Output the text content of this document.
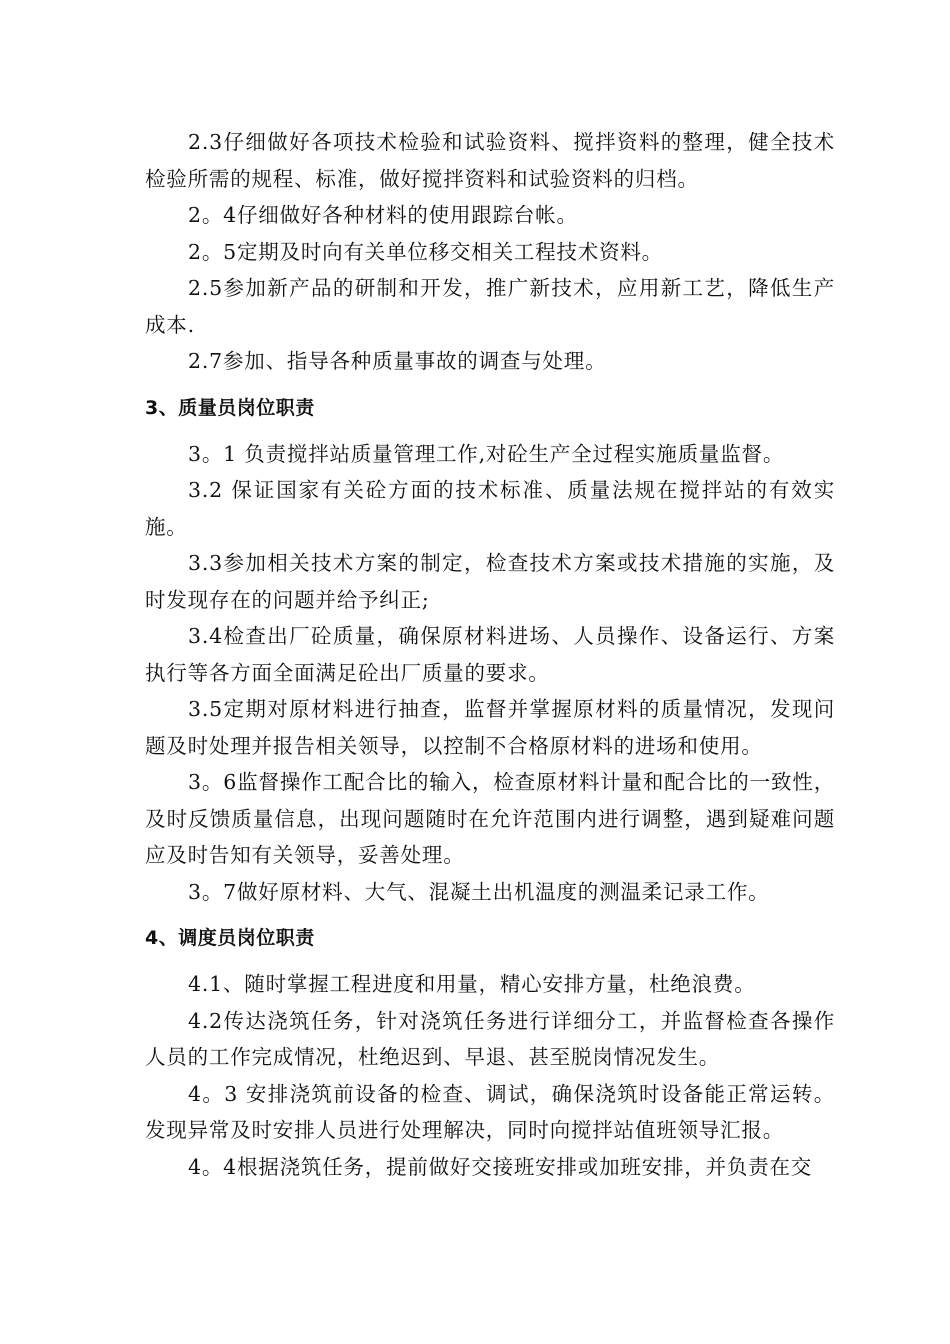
2.3仔细做好各项技术检验和试验资料、搅拌资料的整理，健全技术检验所需的规程、标准，做好搅拌资料和试验资料的归档。

2。4仔细做好各种材料的使用跟踪台帐。

2。5定期及时向有关单位移交相关工程技术资料。

2.5参加新产品的研制和开发，推广新技术，应用新工艺，降低生产成本.

2.7参加、指导各种质量事故的调查与处理。

3、质量员岗位职责

3。1 负责搅拌站质量管理工作,对砼生产全过程实施质量监督。

3.2 保证国家有关砼方面的技术标准、质量法规在搅拌站的有效实施。

3.3参加相关技术方案的制定，检查技术方案或技术措施的实施，及时发现存在的问题并给予纠正;

3.4检查出厂砼质量，确保原材料进场、人员操作、设备运行、方案执行等各方面全面满足砼出厂质量的要求。

3.5定期对原材料进行抽查，监督并掌握原材料的质量情况，发现问题及时处理并报告相关领导，以控制不合格原材料的进场和使用。

3。6监督操作工配合比的输入，检查原材料计量和配合比的一致性，及时反馈质量信息，出现问题随时在允许范围内进行调整，遇到疑难问题应及时告知有关领导，妥善处理。

3。7做好原材料、大气、混凝土出机温度的测温柔记录工作。

4、调度员岗位职责

4.1、随时掌握工程进度和用量，精心安排方量，杜绝浪费。

4.2传达浇筑任务，针对浇筑任务进行详细分工，并监督检查各操作人员的工作完成情况，杜绝迟到、早退、甚至脱岗情况发生。

4。3 安排浇筑前设备的检查、调试，确保浇筑时设备能正常运转。发现异常及时安排人员进行处理解决，同时向搅拌站值班领导汇报。

4。4根据浇筑任务，提前做好交接班安排或加班安排，并负责在交
